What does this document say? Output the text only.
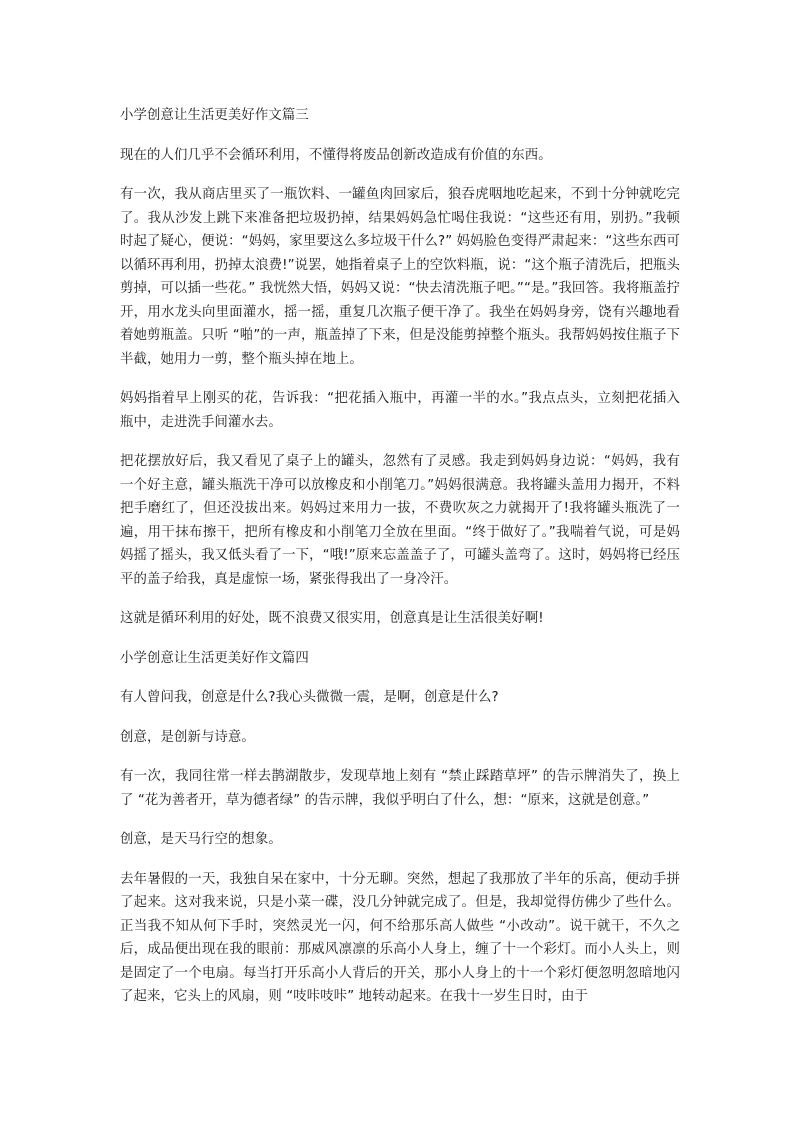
小学创意让生活更美好作文篇三

现在的人们几乎不会循环利用，不懂得将废品创新改造成有价值的东西。

有一次，我从商店里买了一瓶饮料、一罐鱼肉回家后，狼吞虎咽地吃起来，不到十分钟就吃完了。我从沙发上跳下来准备把垃圾扔掉，结果妈妈急忙喝住我说：“这些还有用，别扔。”我顿时起了疑心，便说：“妈妈，家里要这么多垃圾干什么?” 妈妈脸色变得严肃起来：“这些东西可以循环再利用，扔掉太浪费!”说罢，她指着桌子上的空饮料瓶，说：“这个瓶子清洗后，把瓶头剪掉，可以插一些花。” 我恍然大悟，妈妈又说：“快去清洗瓶子吧。”“是。”我回答。我将瓶盖拧开，用水龙头向里面灌水，摇一摇，重复几次瓶子便干净了。我坐在妈妈身旁，饶有兴趣地看着她剪瓶盖。只听 “啪”的一声，瓶盖掉了下来，但是没能剪掉整个瓶头。我帮妈妈按住瓶子下半截，她用力一剪，整个瓶头掉在地上。

妈妈指着早上刚买的花，告诉我：“把花插入瓶中，再灌一半的水。”我点点头，立刻把花插入瓶中，走进洗手间灌水去。

把花摆放好后，我又看见了桌子上的罐头，忽然有了灵感。我走到妈妈身边说：“妈妈，我有一个好主意，罐头瓶洗干净可以放橡皮和小削笔刀。”妈妈很满意。我将罐头盖用力揭开，不料把手磨红了，但还没拔出来。妈妈过来用力一拔，不费吹灰之力就揭开了!我将罐头瓶洗了一遍，用干抹布擦干，把所有橡皮和小削笔刀全放在里面。“终于做好了。”我喘着气说，可是妈妈摇了摇头，我又低头看了一下，“哦!”原来忘盖盖子了，可罐头盖弯了。这时，妈妈将已经压平的盖子给我，真是虚惊一场，紧张得我出了一身冷汗。

这就是循环利用的好处，既不浪费又很实用，创意真是让生活很美好啊!

小学创意让生活更美好作文篇四

有人曾问我，创意是什么?我心头微微一震，是啊，创意是什么?

创意，是创新与诗意。

有一次，我同往常一样去鹊湖散步，发现草地上刻有 “禁止踩踏草坪” 的告示牌消失了，换上了 “花为善者开，草为德者绿” 的告示牌，我似乎明白了什么，想：“原来，这就是创意。”

创意，是天马行空的想象。

去年暑假的一天，我独自呆在家中，十分无聊。突然，想起了我那放了半年的乐高，便动手拼了起来。这对我来说，只是小菜一碟，没几分钟就完成了。但是，我却觉得仿佛少了些什么。正当我不知从何下手时，突然灵光一闪，何不给那乐高人做些 “小改动”。说干就干，不久之后，成品便出现在我的眼前：那威风凛凛的乐高小人身上，缠了十一个彩灯。而小人头上，则是固定了一个电扇。每当打开乐高小人背后的开关，那小人身上的十一个彩灯便忽明忽暗地闪了起来，它头上的风扇，则 “吱咔吱咔” 地转动起来。在我十一岁生日时，由于
